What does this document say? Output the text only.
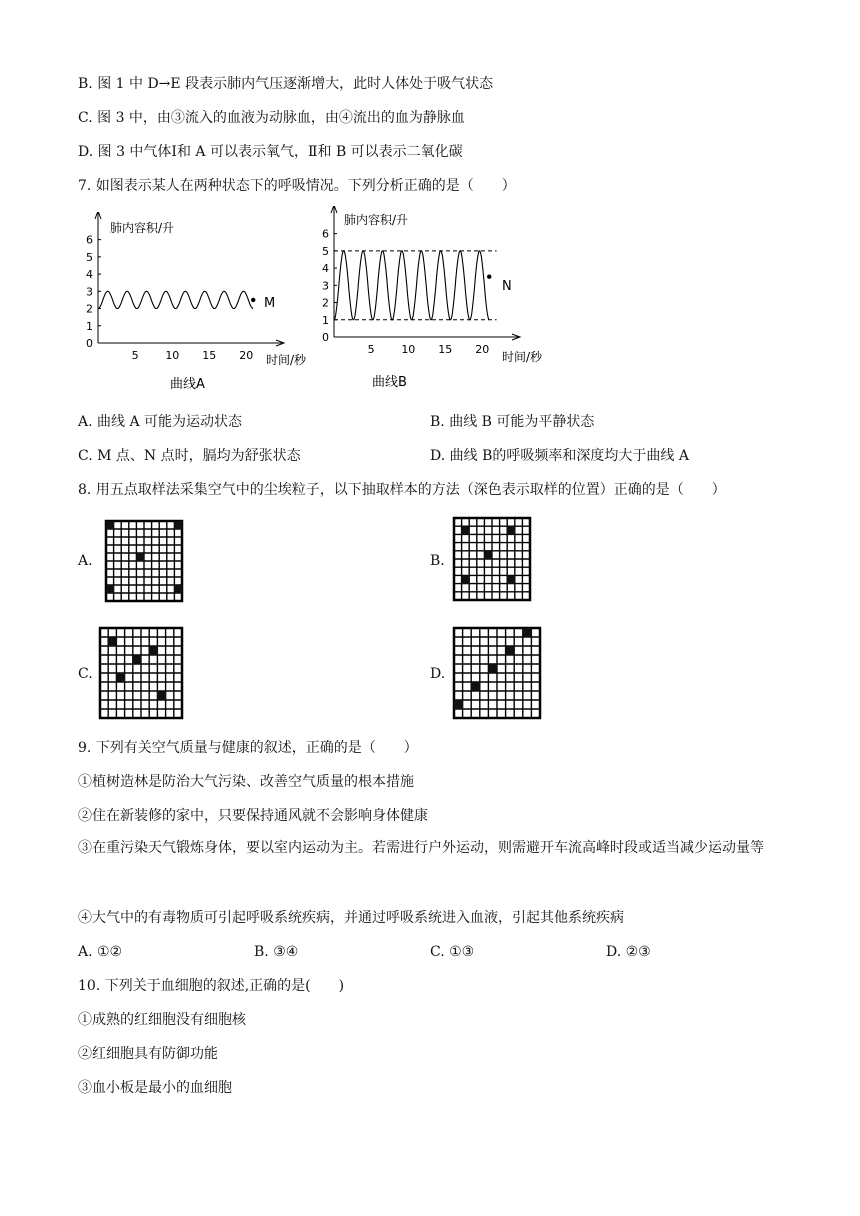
B. 图 1 中 D→E 段表示肺内气压逐渐增大，此时人体处于吸气状态
C. 图 3 中，由③流入的血液为动脉血，由④流出的血为静脉血
D. 图 3 中气体Ⅰ和 A 可以表示氧气，Ⅱ和 B 可以表示二氧化碳
7. 如图表示某人在两种状态下的呼吸情况。下列分析正确的是（　　）
肺内容积/升
时间/秒
曲线A
M
0
1
2
3
4
5
6
5 10 15 20
肺内容积/升
时间/秒
曲线B
N
0
1
2
3
4
5
6
5 10 15 20
A. 曲线 A 可能为运动状态	B. 曲线 B 可能为平静状态
C. M 点、N 点时，膈均为舒张状态	D. 曲线 B的呼吸频率和深度均大于曲线 A
8. 用五点取样法采集空气中的尘埃粒子，以下抽取样本的方法（深色表示取样的位置）正确的是（　　）
A.	B.
C.	D.
9. 下列有关空气质量与健康的叙述，正确的是（　　）
①植树造林是防治大气污染、改善空气质量的根本措施
②住在新装修的家中，只要保持通风就不会影响身体健康
③在重污染天气锻炼身体，要以室内运动为主。若需进行户外运动，则需避开车流高峰时段或适当减少运动量等
④大气中的有毒物质可引起呼吸系统疾病，并通过呼吸系统进入血液，引起其他系统疾病
A. ①②	B. ③④	C. ①③	D. ②③
10. 下列关于血细胞的叙述,正确的是(　　)
①成熟的红细胞没有细胞核
②红细胞具有防御功能
③血小板是最小的血细胞
